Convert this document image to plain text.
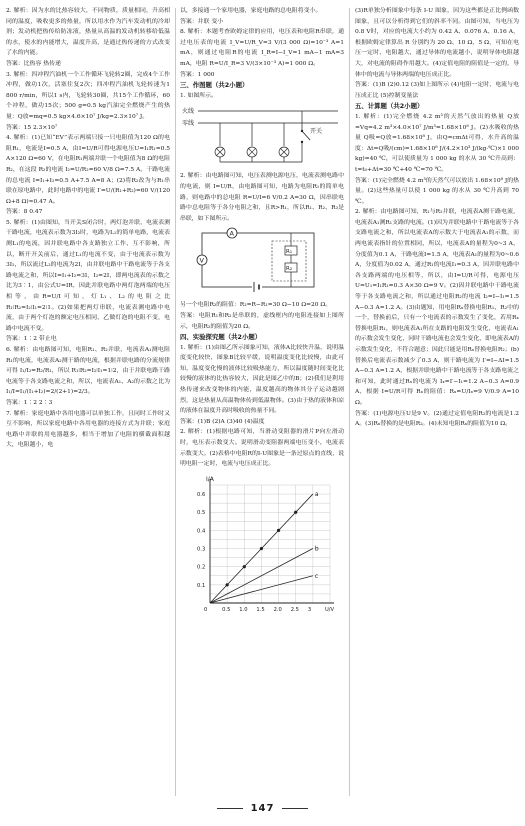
2. 解析：因为水的比热容较大，不同物质，质量相同，升高相同的温度，吸收更多的热量，所以用水作为汽车发动机的冷却剂；发动机把热传给防冻液，热量从高温的发动机转移给低温的水，使水的内能增大，温度升高，是通过热传递的方式改变了水的内能。

答案：比热容 热传递

3. 解析：四冲程汽油机一个工作循环飞轮转2圈，完成4个工作冲程，做功1次，活塞往复2次；四冲程汽油机飞轮转速为1 800 r/min，所以1 s内，飞轮转30圈，共15个工作循环，60个冲程，做功15次；500 g=0.5 kg汽油完全燃烧产生的热量：Q放=mq=0.5 kg×4.6×10⁷ J/kg=2.3×10⁷ J。

答案：15 2.3×10⁷

4. 解析：(1)已知“EV”表示两端只接一只电阻值为120 Ω的电阻R₁，电流是I=0.5 A，由I=U/R可得电源电压U=I₁R₁=0.5 A×120 Ω=60 V，在电阻R₁两端并联一个电阻值为8 Ω的电阻R₂，在这段 R₂的电流 I₂=U/R₂=60 V/8 Ω=7.5 A，干路电流的总电流 I=I₁+I₂=0.5 A+7.5 A=8 A；(2)将R₂改为与R₁串联在原电路中，此时电路中的电流 I′=U/(R₁+R₂)=60 V/(120 Ω+8 Ω)≈0.47 A。

答案：8 0.47

5. 解析：(1)由图知，当开关S闭合时，两灯泡并联，电流表测干路电流，电流表示数为3I₂时，电路为L₁的简单电路，电流表测L₁的电流，因并联电路中各支路独立工作、互不影响，所以，断开开关前后，通过L₁的电流不变，由于电流表示数为3I₂，所以流过L₂的电流为2I，由并联电路中干路电流等于各支路电流之和，所以I=I₁+I₂=3I，I₂=2I，即两电流表的示数之比为3∶1，由公式U=IR，因此并联电路中两灯泡两端的电压相等，由R=U/I可知，灯L₁、L₂的电阻之比R₁∶R₂=I₂∶I₁=2∶1。(2)如果把两灯串联，电流表测电路中电流，由于两个灯泡的额定电压相同，乙做灯泡的电阻不变，电路中电流不变。

答案：1∶2 带止电

6. 解析：由电路图可知，电阻R₁、R₂并联，电流表A₁测电阻R₁的电流，电流表A₂测干路的电流，根据并联电路的分流规律可得 I₁/I₂=R₂/R₁，所以 R₁∶R₂=I₂∶I₁=1∶2，由于并联电路干路电流等于各支路电流之和，所以，电流表A₁、A₂的示数之比为 I₁/I=I₁/(I₁+I₂)=2/(2+1)=2/3。

答案：1∶2 2∶3

7. 解析：家庭电路中各用电器可以单独工作，且同时工作时又互不影响，所以家庭电路中各用电器的连接方式为并联；家庭电路中并联的用电器越多，相当于增加了电阻的横截面积越大，电阻越小，电

以，多接通一个家用电器，家庭电路的总电阻将变小。

答案：并联 变小

8. 解析：本题考查欧姆定律的应用，电压表和电阻R串联，通过电压表的电流 I_V=U/R_V=3 V/(3 000 Ω)=10⁻³ A=1 mA，则通过电阻R的电流 I_R=I−I_V=1 mA−1 mA=3 mA，电阻 R=U/I_R=3 V/(3×10⁻³ A)=1 000 Ω。

答案：1 000

三、作图题（共2小题）

1. 如图所示。

火线
零线
开关

2. 解析：由电路图可知，电压表测电源电压，电流表测电路中的电流，则 I=U/R，由电路图可知，电路为电阻R₁的简单电路，则电路中的总电阻 R=U/I=6 V/0.2 A=30 Ω，因串联电路中总电阻等于各分电阻之和，且R>R₁，所以R₁、R₂、R₃是串联，如下图所示。

A
V
R₁
R₂

另一个电阻R₂的阻值：R₂=R−R₁=30 Ω−10 Ω=20 Ω。

答案：电阻R₁和R₂是串联的，虚线框内的电阻连接如上图所示，电阻R₂的阻值为20 Ω。

四、实验探究题（共2小题）

1. 解析：(1)由图乙所示图象可知，液体A比较快升温，说明温度变化较快，图象B比较平缓，说明温度变化比较慢，由此可知，温度变化慢的液体比较吸热能力，所以温度随时间变化比较慢的液体的比热容较大，因此是图乙中的B；(2)我们是利用热传递来改变物体的内能，温度越高的物体其分子运动越剧烈，这是热量从高温物体传到低温物体。(3)由于热的液体和凉的液体在温度升高时吸收的热量不同。

答案：(1)B (2)A (3)40 (4)温度

2. 解析：(1)根据电路可知，当滑动变阻器的滑片P向左滑动时，电压表示数变大。说明滑动变阻器两端电压变小，电流表示数变大。(2)表格中电阻R的I-U图象是一条过原点的直线，说明电阻一定时，电流与电压成正比。

I/A
0	0.5 1.0 1.5 2.0 2.5 3	U/V
0.6
0.5
0.4
0.3
0.2
0.1
a
b
c

(3)R单独分析图象中每条 I-U 图象，因为这些都是正比例函数图象，且可以分析得到它们的斜率不同。由图可知，当电压为0.8 V时，对应的电流大小约为 0.42 A、0.076 A、0.16 A，根据欧姆定律算出 R 分别约为 20 Ω、10 Ω、5 Ω，可知在电压一定时，电阻越大，通过导体的电流越小，说明导体电阻越大，对电流的阻碍作用越大。(4)定值电阻的阻值是一定的，导体中的电流与导体两端的电压成正比。

答案：(1)B (2)0.12 (3)如上图所示 (4)电阻一定时，电流与电压成正比 (5)控制变量法

五、计算题（共2小题）

1. 解析：(1)完全燃烧 4.2 m³的天然气放出的热量 Q放=Vq=4.2 m³×4.0×10⁷ J/m³=1.68×10⁸ J。(2)水吸收的热量 Q吸=Q放=1.68×10⁸ J，由Q=cmΔt可得，水升高的温度：Δt=Q吸/(cm)=1.68×10⁸ J/(4.2×10³ J/(kg·℃)×1 000 kg)=40 ℃，可以使质量为 1 000 kg 的水从 30 ℃升高到：t=t₀+Δt=30 ℃+40 ℃=70 ℃。

答案：(1)完全燃烧 4.2 m³的天然气可以放出 1.68×10⁸ J的热量。(2)这些热量可以使 1 000 kg 的水从 30 ℃升高到 70 ℃。

2. 解析：由电路图可知，R₁与R₂并联，电流表A测干路电流，电流表A₁测R₁支路的电流。(1)因为并联电路中干路电流等于各支路电流之和，所以电流表A的示数大于电流表A₁的示数，而两电流表指针的位置相同，所以，电流表A的量程为0~3 A，分度值为0.1 A，干路电流I=1.5 A，电流表A₁的量程为0~0.6 A，分度值为0.02 A，通过R₁的电流I₁=0.3 A，因并联电路中各支路两端的电压相等，所以，由I=U/R可得，电源电压 U=U₁=I₁R₁=0.3 A×30 Ω=9 V。(2)因并联电路中干路电流等于各支路电流之和，所以通过电阻R₂的电流 I₂=I−I₁=1.5 A−0.3 A=1.2 A。(3)由题知，用电阻Rₓ替换电阻R₁、R₂中的一个，替换前后，只有一个电流表的示数发生了变化，若用Rₓ替换电阻R₁，则电流表A₁所在支路的电阻发生变化，电流表A₁的示数会发生变化，同时干路电流也会发生变化，即电流表A的示数发生变化，不符合题意；因此只能是用Rₓ替换电阻R₂；(b)替换后电流表示数减少了0.3 A，则干路电流为 I′=I−ΔI=1.5 A−0.3 A=1.2 A，根据并联电路中干路电流等于各支路电流之和可知，此时通过Rₓ的电流为 Iₓ=I′−I₁=1.2 A−0.3 A=0.9 A，根据 I=U/R可得 Rₓ的阻值：Rₓ=U/Iₓ=9 V/0.9 A=10 Ω。

答案：(1)电源电压U是9 V。(2)通过定值电阻R₂的电流是1.2 A。(3)Rₓ替换的是电阻R₂。(4)未知电阻Rₓ的阻值为10 Ω。

147
